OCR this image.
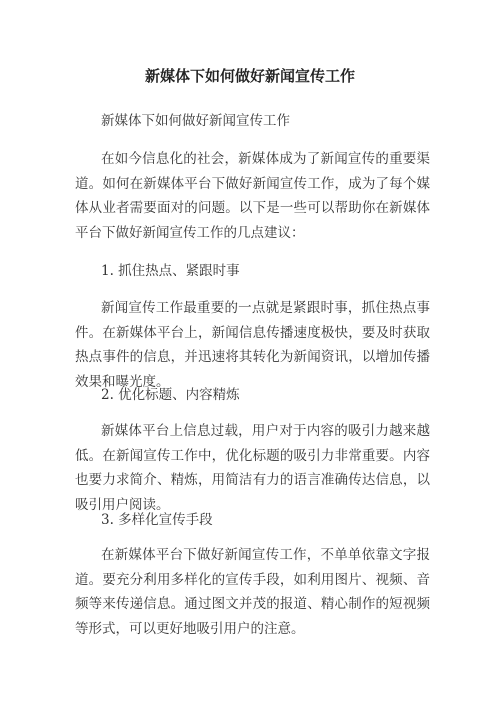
新媒体下如何做好新闻宣传工作

新媒体下如何做好新闻宣传工作

在如今信息化的社会，新媒体成为了新闻宣传的重要渠道。如何在新媒体平台下做好新闻宣传工作，成为了每个媒体从业者需要面对的问题。以下是一些可以帮助你在新媒体平台下做好新闻宣传工作的几点建议：

1. 抓住热点、紧跟时事

新闻宣传工作最重要的一点就是紧跟时事，抓住热点事件。在新媒体平台上，新闻信息传播速度极快，要及时获取热点事件的信息，并迅速将其转化为新闻资讯，以增加传播效果和曝光度。

2. 优化标题、内容精炼

新媒体平台上信息过载，用户对于内容的吸引力越来越低。在新闻宣传工作中，优化标题的吸引力非常重要。内容也要力求简介、精炼，用简洁有力的语言准确传达信息，以吸引用户阅读。

3. 多样化宣传手段

在新媒体平台下做好新闻宣传工作，不单单依靠文字报道。要充分利用多样化的宣传手段，如利用图片、视频、音频等来传递信息。通过图文并茂的报道、精心制作的短视频等形式，可以更好地吸引用户的注意。
